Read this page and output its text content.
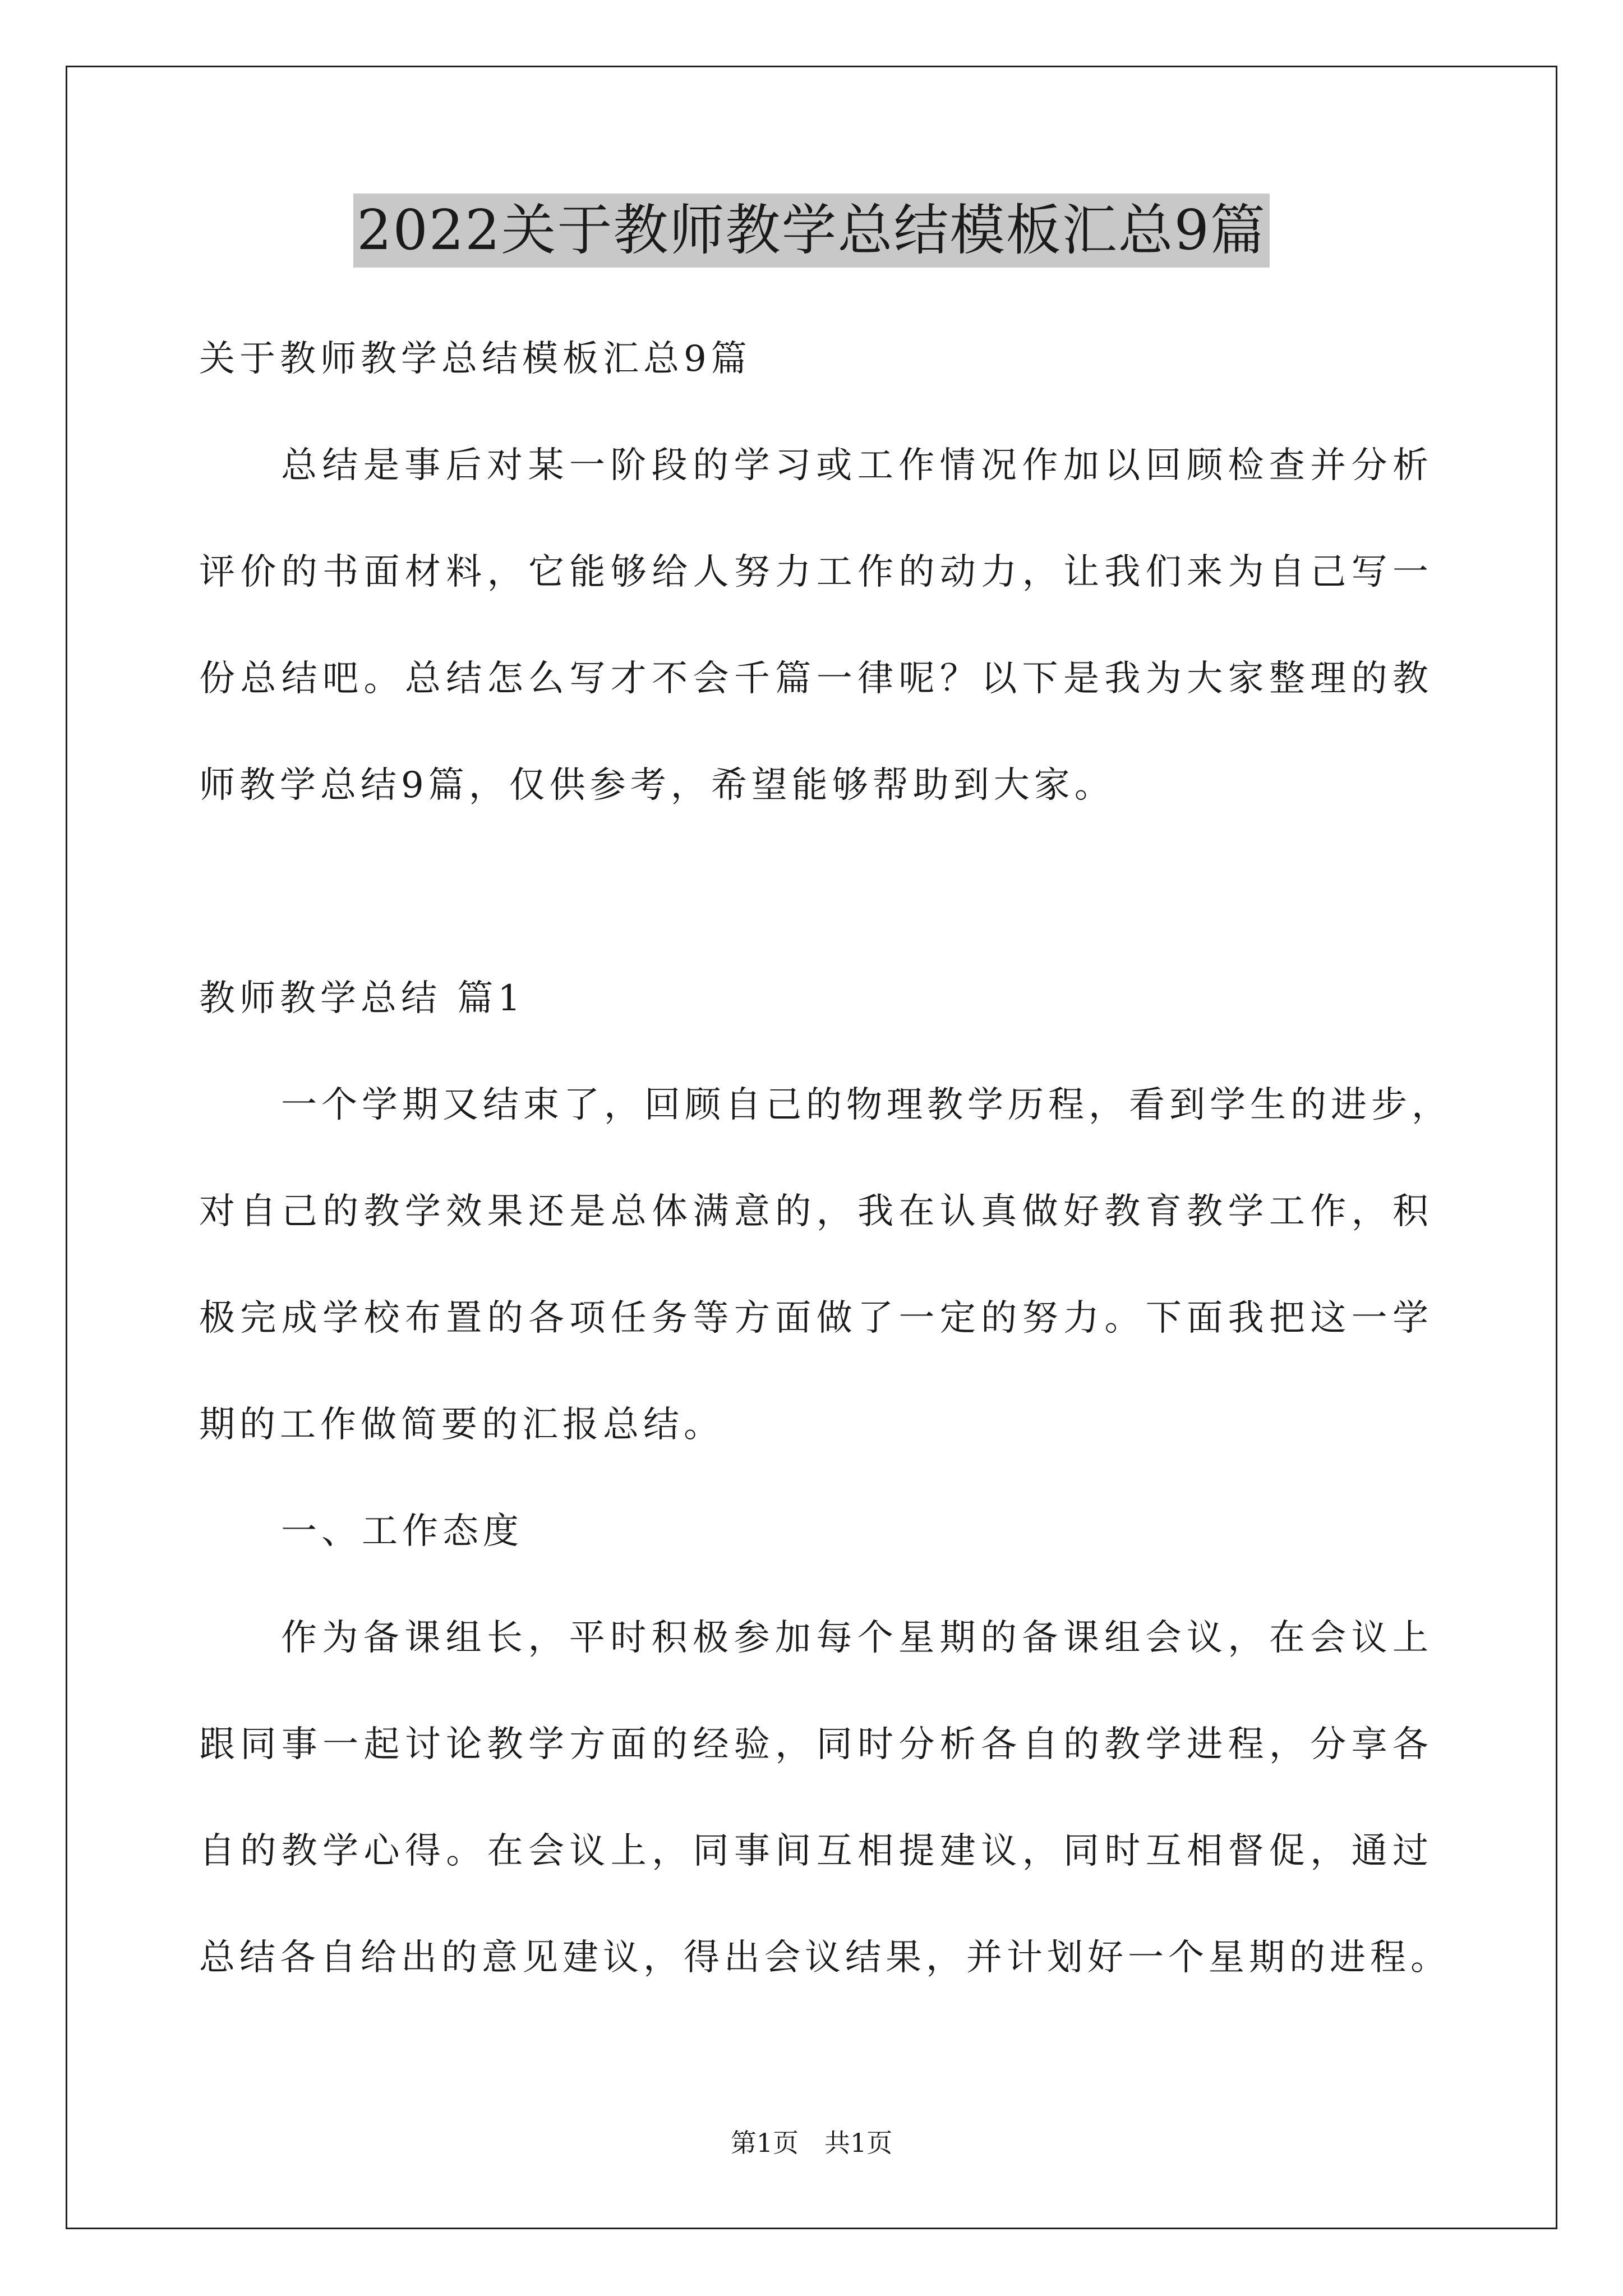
2022关于教师教学总结模板汇总9篇
关于教师教学总结模板汇总9篇
总结是事后对某一阶段的学习或工作情况作加以回顾检查并分析
评价的书面材料，它能够给人努力工作的动力，让我们来为自己写一
份总结吧。总结怎么写才不会千篇一律呢？以下是我为大家整理的教
师教学总结9篇，仅供参考，希望能够帮助到大家。
教师教学总结 篇1
一个学期又结束了，回顾自己的物理教学历程，看到学生的进步，
对自己的教学效果还是总体满意的，我在认真做好教育教学工作，积
极完成学校布置的各项任务等方面做了一定的努力。下面我把这一学
期的工作做简要的汇报总结。
一、工作态度
作为备课组长，平时积极参加每个星期的备课组会议，在会议上
跟同事一起讨论教学方面的经验，同时分析各自的教学进程，分享各
自的教学心得。在会议上，同事间互相提建议，同时互相督促，通过
总结各自给出的意见建议，得出会议结果，并计划好一个星期的进程。
第1页　共1页
